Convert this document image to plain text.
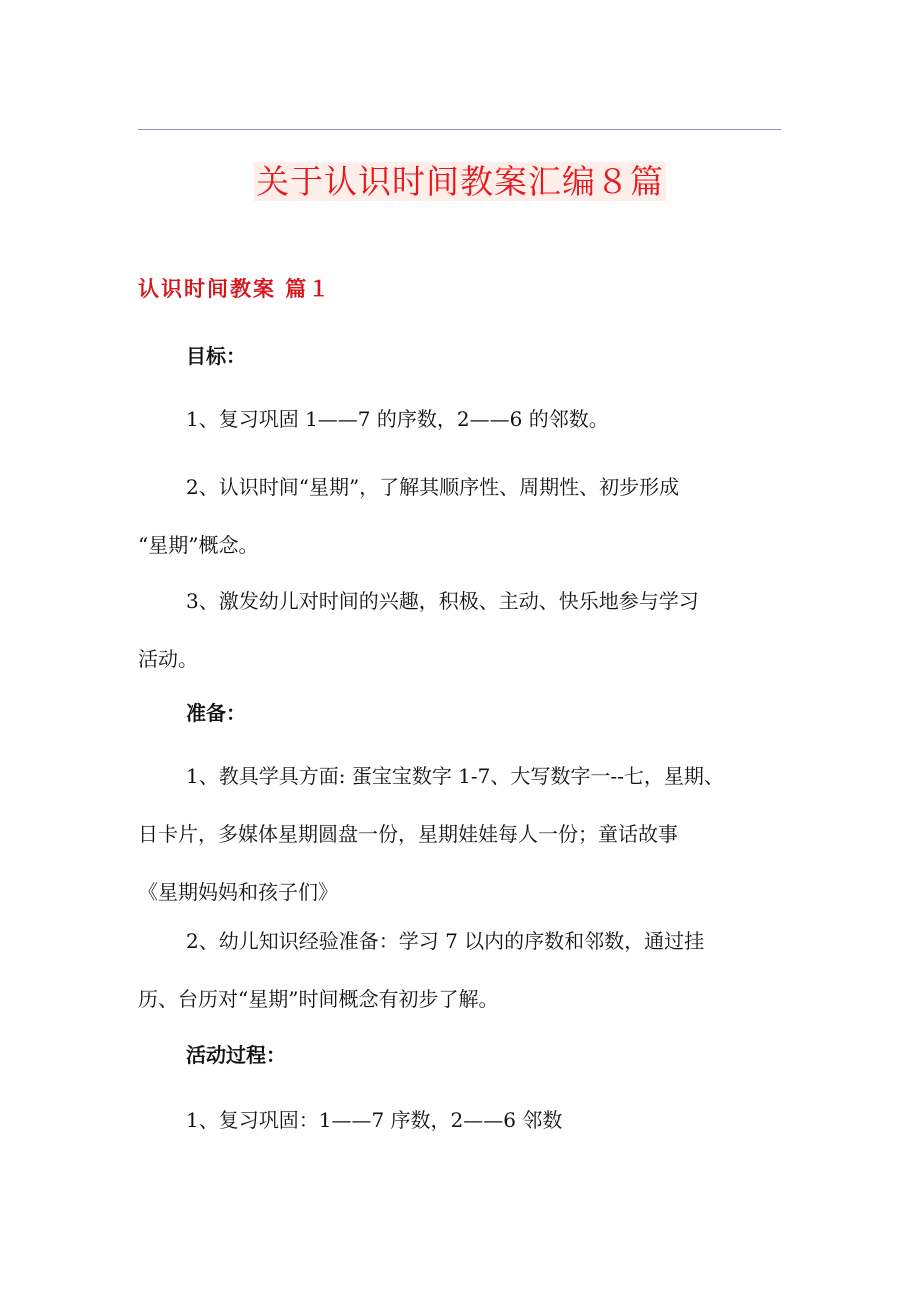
关于认识时间教案汇编８篇
认识时间教案 篇１

目标：

1、复习巩固 1——7 的序数，2——6 的邻数。

2、认识时间“星期”，了解其顺序性、周期性、初步形成
“星期”概念。

3、激发幼儿对时间的兴趣，积极、主动、快乐地参与学习
活动。

准备：

1、教具学具方面: 蛋宝宝数字 1-7、大写数字一--七，星期、
日卡片，多媒体星期圆盘一份，星期娃娃每人一份；童话故事
《星期妈妈和孩子们》

2、幼儿知识经验准备：学习 7 以内的序数和邻数，通过挂
历、台历对“星期”时间概念有初步了解。

活动过程：

1、复习巩固：1——7 序数，2——6 邻数
